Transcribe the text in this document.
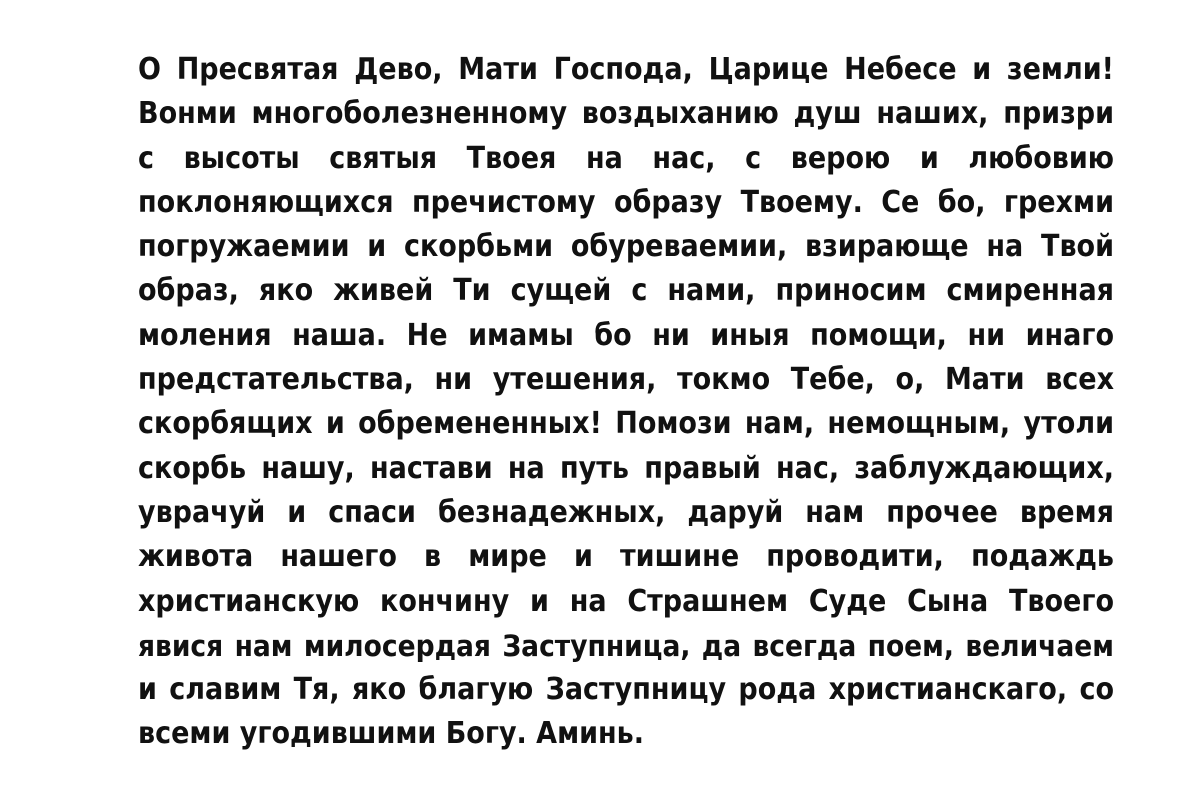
О Пресвятая Дево, Мати Господа, Царице Небесе и земли!
Вонми многоболезненному воздыханию душ наших, призри
с высоты святыя Твоея на нас, с верою и любовию
поклоняющихся пречистому образу Твоему. Се бо, грехми
погружаемии и скорбьми обуреваемии, взирающе на Твой
образ, яко живей Ти сущей с нами, приносим смиренная
моления наша. Не имамы бо ни иныя помощи, ни инаго
предстательства, ни утешения, токмо Тебе, о, Мати всех
скорбящих и обремененных! Помози нам, немощным, утоли
скорбь нашу, настави на путь правый нас, заблуждающих,
уврачуй и спаси безнадежных, даруй нам прочее время
живота нашего в мире и тишине проводити, подаждь
христианскую кончину и на Страшнем Суде Сына Твоего
явися нам милосердая Заступница, да всегда поем, величаем
и славим Тя, яко благую Заступницу рода христианскаго, со
всеми угодившими Богу. Аминь.
